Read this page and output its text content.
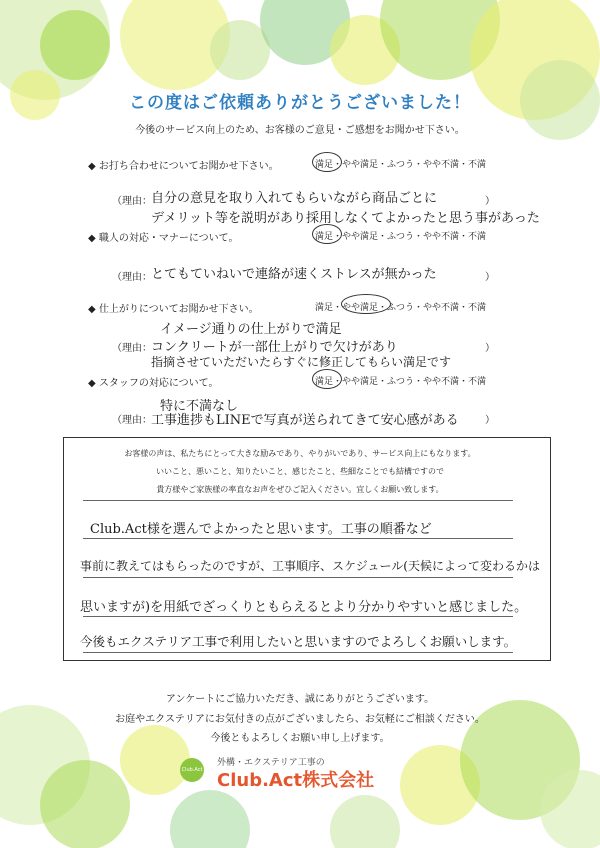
この度はご依頼ありがとうございました！
今後のサービス向上のため、お客様のご意見・ご感想をお聞かせ下さい。
◆ お打ち合わせについてお聞かせ下さい。	満足・やや満足・ふつう・やや不満・不満
（理由： 自分の意見を取り入れてもらいながら商品ごとに	）
デメリット等を説明があり採用しなくてよかったと思う事があった
◆ 職人の対応・マナーについて。	満足・やや満足・ふつう・やや不満・不満
（理由： とてもていねいで連絡が速くストレスが無かった	）
◆ 仕上がりについてお聞かせ下さい。	満足・やや満足・ふつう・やや不満・不満
イメージ通りの仕上がりで満足
（理由： コンクリートが一部仕上がりで欠けがあり	）
指摘させていただいたらすぐに修正してもらい満足です
◆ スタッフの対応について。	満足・やや満足・ふつう・やや不満・不満
特に不満なし
（理由： 工事進捗もLINEで写真が送られてきて安心感がある	）
お客様の声は、私たちにとって大きな励みであり、やりがいであり、サービス向上にもなります。
いいこと、悪いこと、知りたいこと、感じたこと、些細なことでも結構ですので
貴方様やご家族様の率直なお声をぜひご記入ください。宜しくお願い致します。
Club.Act様を選んでよかったと思います。工事の順番など
事前に教えてはもらったのですが、工事順序、スケジュール(天候によって変わるかは
思いますが)を用紙でざっくりともらえるとより分かりやすいと感じました。
今後もエクステリア工事で利用したいと思いますのでよろしくお願いします。
アンケートにご協力いただき、誠にありがとうございます。
お庭やエクステリアにお気付きの点がございましたら、お気軽にご相談ください。
今後ともよろしくお願い申し上げます。
Club.Act
外構・エクステリア工事の
Club.Act株式会社
